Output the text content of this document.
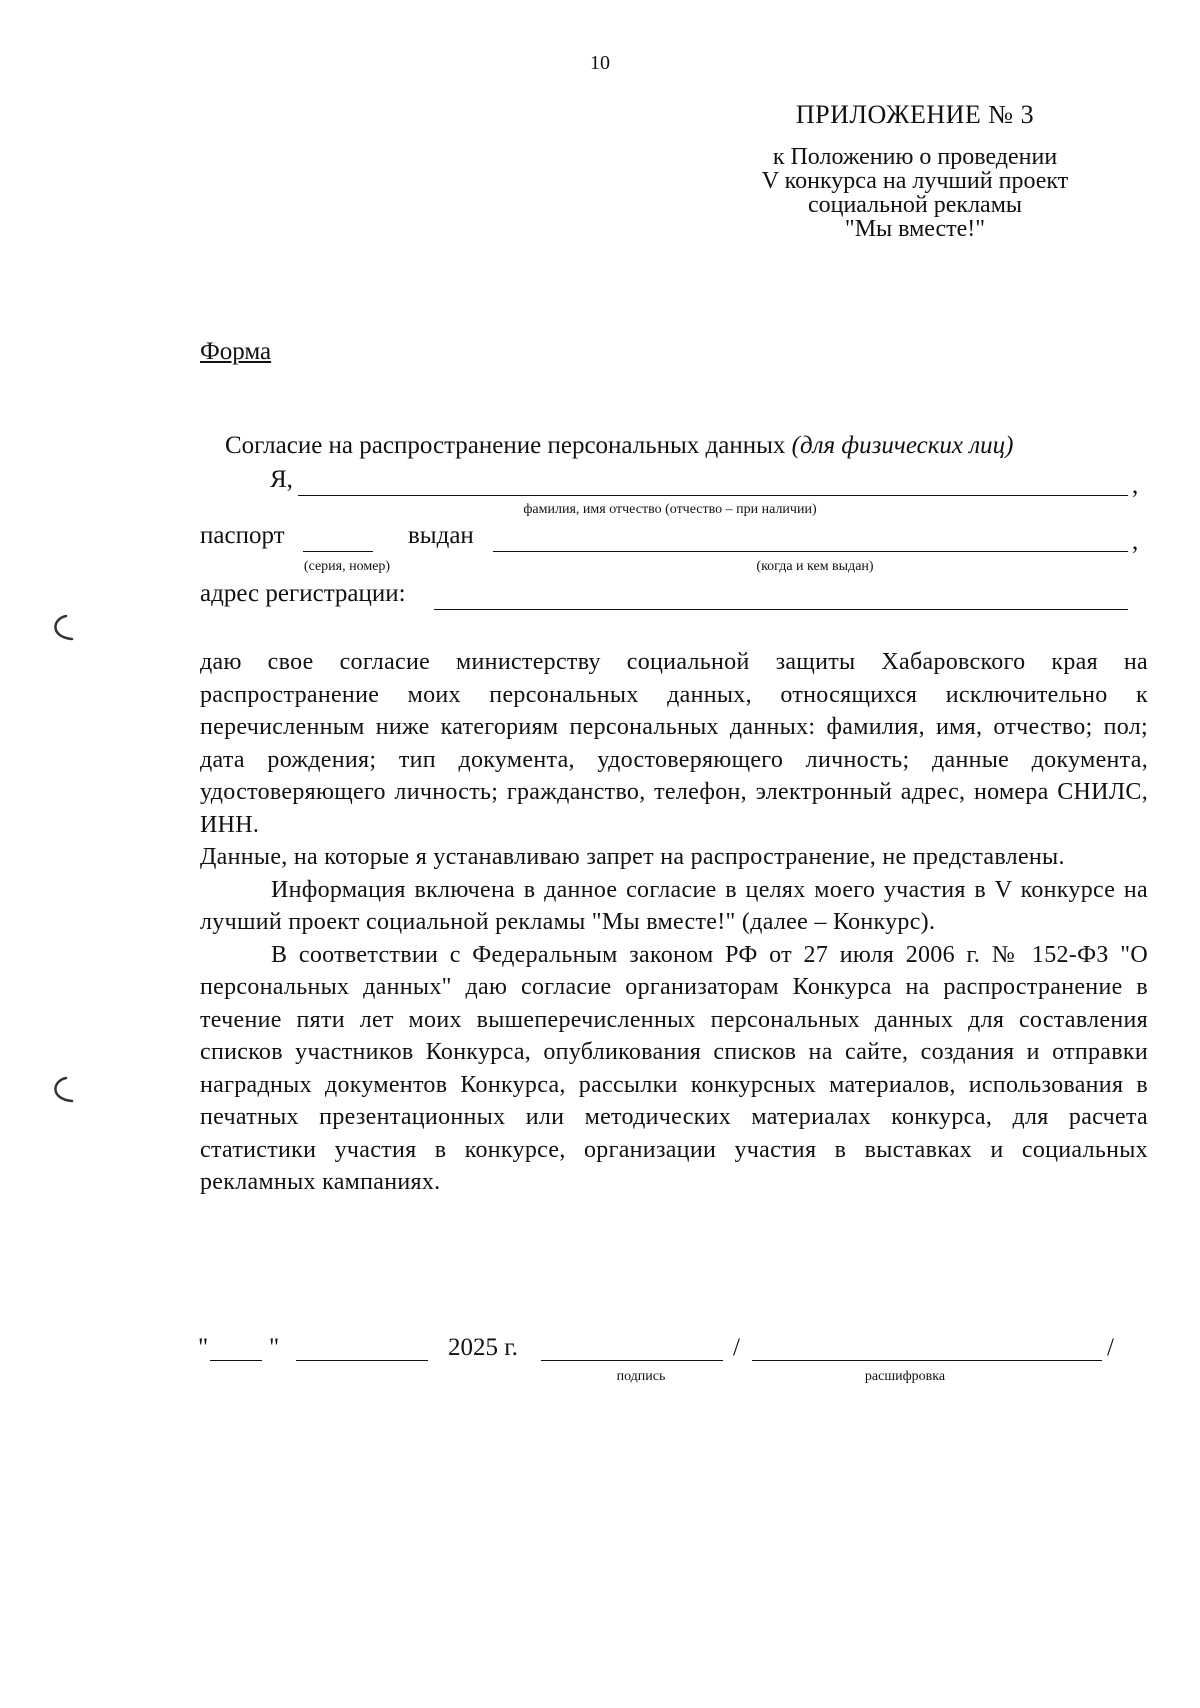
10
ПРИЛОЖЕНИЕ № 3
к Положению о проведении
V конкурса на лучший проект
социальной рекламы
"Мы вместе!"
Форма
Согласие на распространение персональных данных (для физических лиц)
Я,	,
фамилия, имя отчество (отчество – при наличии)
паспорт	выдан	,
(серия, номер)	(когда и кем выдан)
адрес регистрации:

даю свое согласие министерству социальной защиты Хабаровского края на распространение моих персональных данных, относящихся исключительно к перечисленным ниже категориям персональных данных: фамилия, имя, отчество; пол; дата рождения; тип документа, удостоверяющего личность; данные документа, удостоверяющего личность; гражданство, телефон, электронный адрес, номера СНИЛС, ИНН.

Данные, на которые я устанавливаю запрет на распространение, не представлены.

Информация включена в данное согласие в целях моего участия в V конкурсе на лучший проект социальной рекламы "Мы вместе!" (далее – Конкурс).

В соответствии с Федеральным законом РФ от 27 июля 2006 г. № 152-ФЗ "О персональных данных" даю согласие организаторам Конкурса на распространение в течение пяти лет моих вышеперечисленных персональных данных для составления списков участников Конкурса, опубликования списков на сайте, создания и отправки наградных документов Конкурса, рассылки конкурсных материалов, использования в печатных презентационных или методических материалах конкурса, для расчета статистики участия в конкурсе, организации участия в выставках и социальных рекламных кампаниях.

" "	2025 г.	/	/
подпись	расшифровка
